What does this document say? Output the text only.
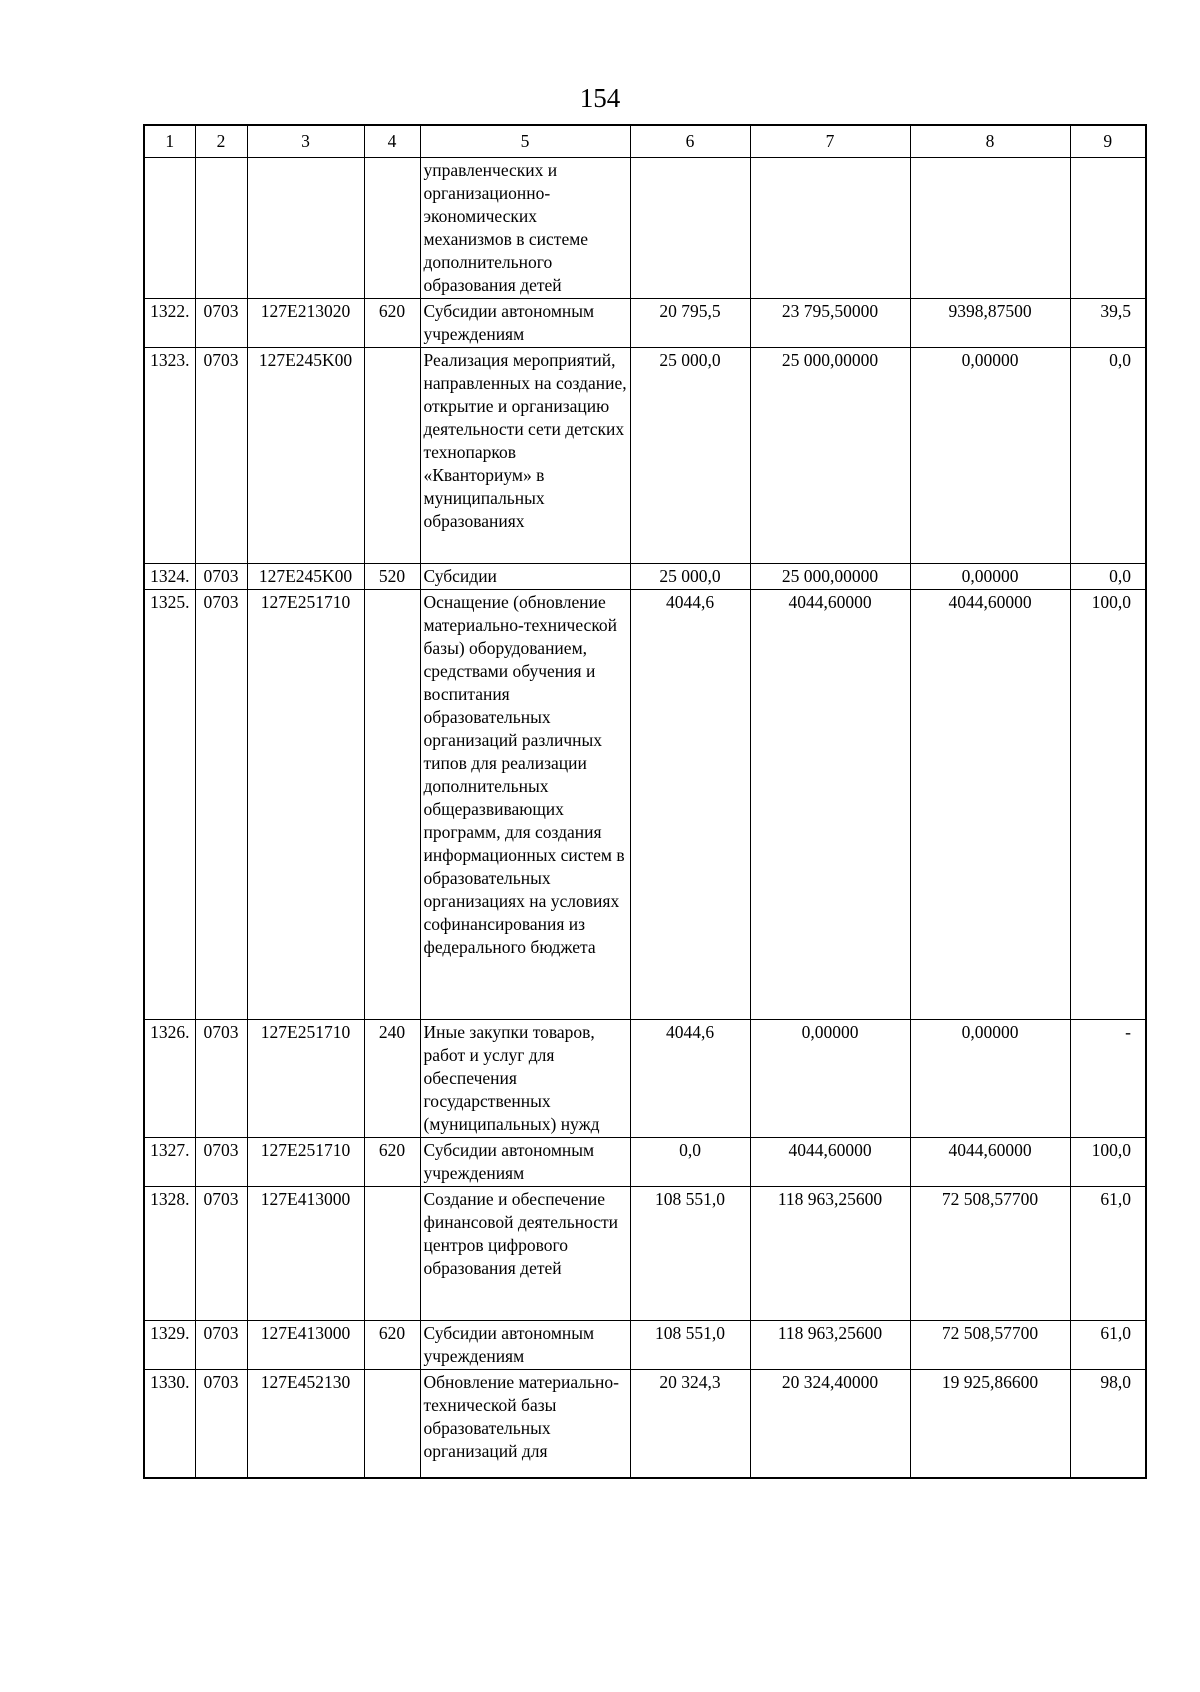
154
1	2	3	4	5	6	7	8	9
				управленческих и организационно-экономических механизмов в системе дополнительного образования детей				
1322.	0703	127E213020	620	Субсидии автономным учреждениям	20 795,5	23 795,50000	9398,87500	39,5
1323.	0703	127E245K00		Реализация мероприятий, направленных на создание, открытие и организацию деятельности сети детских технопарков «Кванториум» в муниципальных образованиях	25 000,0	25 000,00000	0,00000	0,0
1324.	0703	127E245K00	520	Субсидии	25 000,0	25 000,00000	0,00000	0,0
1325.	0703	127E251710		Оснащение (обновление материально-технической базы) оборудованием, средствами обучения и воспитания образовательных организаций различных типов для реализации дополнительных общеразвивающих программ, для создания информационных систем в образовательных организациях на условиях софинансирования из федерального бюджета	4044,6	4044,60000	4044,60000	100,0
1326.	0703	127E251710	240	Иные закупки товаров, работ и услуг для обеспечения государственных (муниципальных) нужд	4044,6	0,00000	0,00000	-
1327.	0703	127E251710	620	Субсидии автономным учреждениям	0,0	4044,60000	4044,60000	100,0
1328.	0703	127E413000		Создание и обеспечение финансовой деятельности центров цифрового образования детей	108 551,0	118 963,25600	72 508,57700	61,0
1329.	0703	127E413000	620	Субсидии автономным учреждениям	108 551,0	118 963,25600	72 508,57700	61,0
1330.	0703	127E452130		Обновление материально-технической базы образовательных организаций для	20 324,3	20 324,40000	19 925,86600	98,0
